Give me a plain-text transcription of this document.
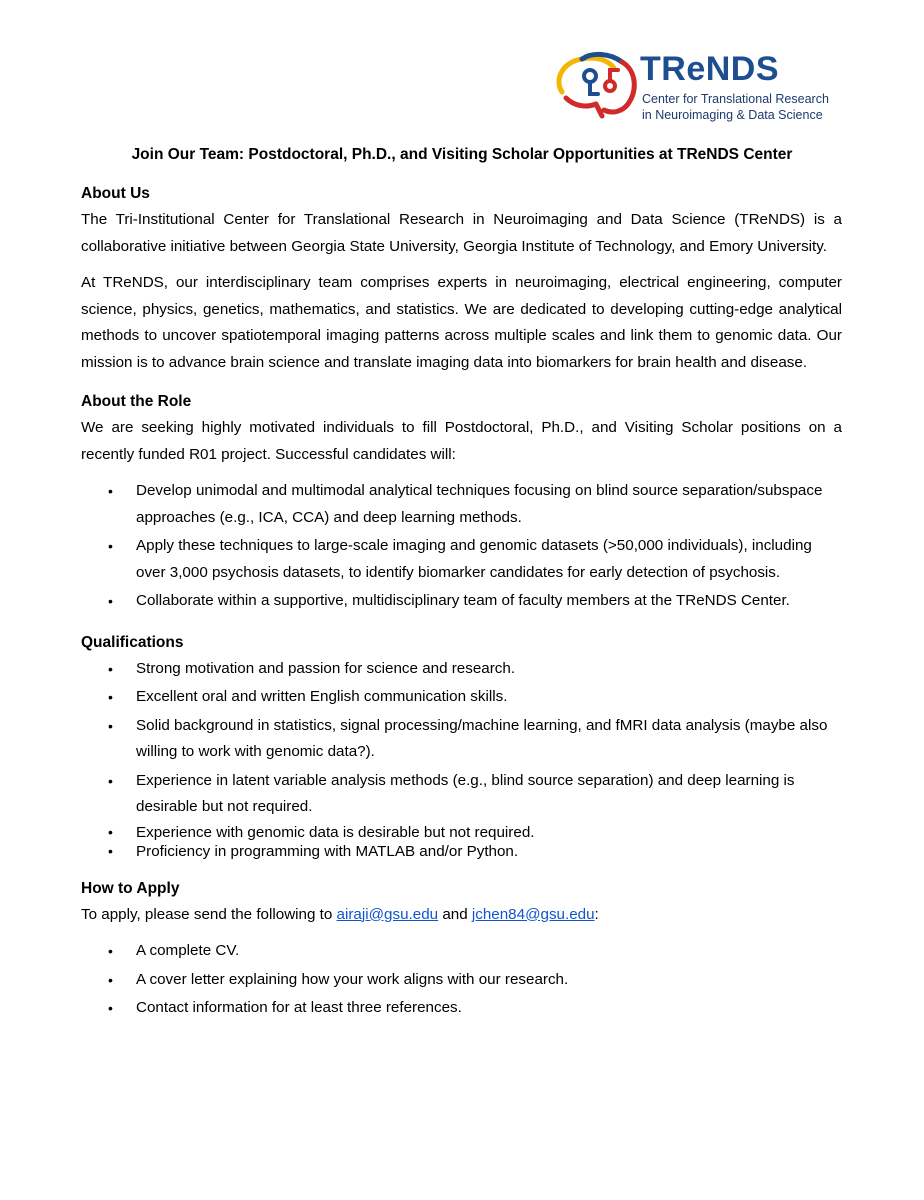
TReNDS
Center for Translational Research
in Neuroimaging & Data Science
Join Our Team: Postdoctoral, Ph.D., and Visiting Scholar Opportunities at TReNDS Center
About Us

The Tri-Institutional Center for Translational Research in Neuroimaging and Data Science (TReNDS) is a collaborative initiative between Georgia State University, Georgia Institute of Technology, and Emory University.

At TReNDS, our interdisciplinary team comprises experts in neuroimaging, electrical engineering, computer science, physics, genetics, mathematics, and statistics. We are dedicated to developing cutting-edge analytical methods to uncover spatiotemporal imaging patterns across multiple scales and link them to genomic data. Our mission is to advance brain science and translate imaging data into biomarkers for brain health and disease.

About the Role

We are seeking highly motivated individuals to fill Postdoctoral, Ph.D., and Visiting Scholar positions on a recently funded R01 project. Successful candidates will:

• Develop unimodal and multimodal analytical techniques focusing on blind source separation/subspace approaches (e.g., ICA, CCA) and deep learning methods.
• Apply these techniques to large-scale imaging and genomic datasets (>50,000 individuals), including over 3,000 psychosis datasets, to identify biomarker candidates for early detection of psychosis.
• Collaborate within a supportive, multidisciplinary team of faculty members at the TReNDS Center.
Qualifications
• Strong motivation and passion for science and research.
• Excellent oral and written English communication skills.
• Solid background in statistics, signal processing/machine learning, and fMRI data analysis (maybe also willing to work with genomic data?).
• Experience in latent variable analysis methods (e.g., blind source separation) and deep learning is desirable but not required.
• Experience with genomic data is desirable but not required.
• Proficiency in programming with MATLAB and/or Python.
How to Apply

To apply, please send the following to airaji@gsu.edu and jchen84@gsu.edu:

• A complete CV.
• A cover letter explaining how your work aligns with our research.
• Contact information for at least three references.
